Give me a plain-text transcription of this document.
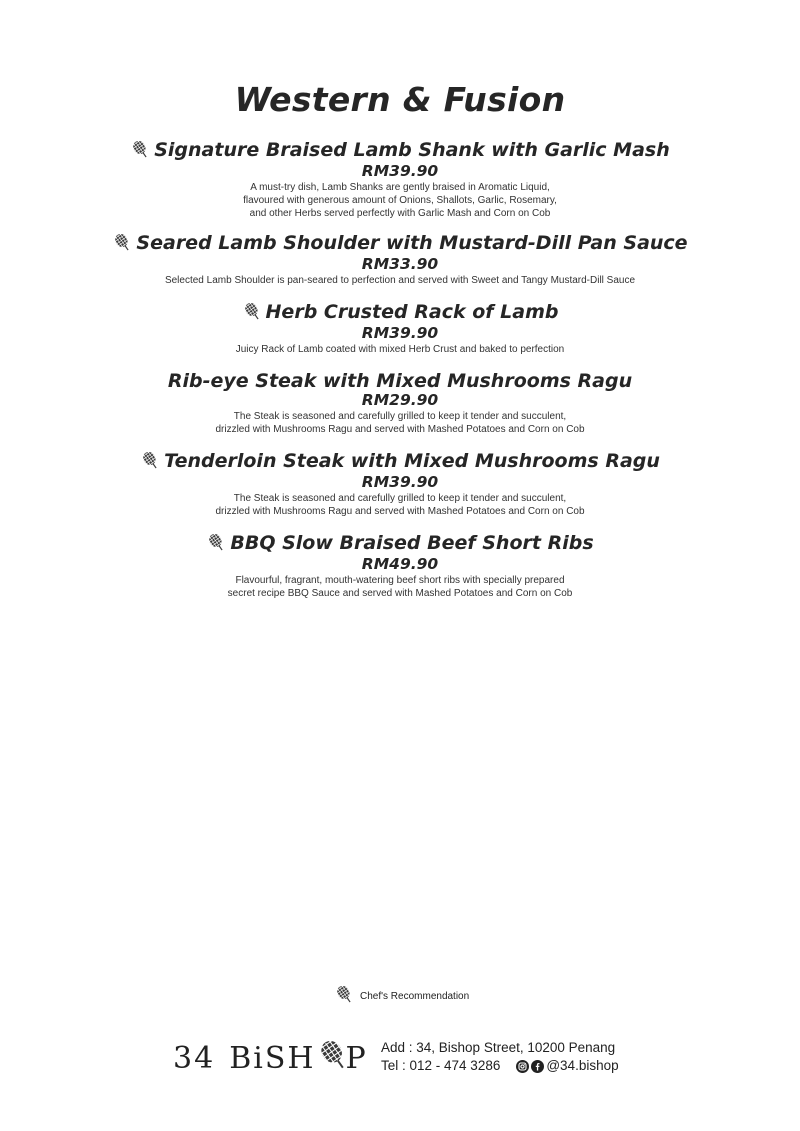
Western & Fusion
Signature Braised Lamb Shank with Garlic Mash
RM39.90
A must-try dish, Lamb Shanks are gently braised in Aromatic Liquid,
flavoured with generous amount of Onions, Shallots, Garlic, Rosemary,
and other Herbs served perfectly with Garlic Mash and Corn on Cob
Seared Lamb Shoulder with Mustard-Dill Pan Sauce
RM33.90
Selected Lamb Shoulder is pan-seared to perfection and served with Sweet and Tangy Mustard-Dill Sauce
Herb Crusted Rack of Lamb
RM39.90
Juicy Rack of Lamb coated with mixed Herb Crust and baked to perfection
Rib-eye Steak with Mixed Mushrooms Ragu
RM29.90
The Steak is seasoned and carefully grilled to keep it tender and succulent,
drizzled with Mushrooms Ragu and served with Mashed Potatoes and Corn on Cob
Tenderloin Steak with Mixed Mushrooms Ragu
RM39.90
The Steak is seasoned and carefully grilled to keep it tender and succulent,
drizzled with Mushrooms Ragu and served with Mashed Potatoes and Corn on Cob
BBQ Slow Braised Beef Short Ribs
RM49.90
Flavourful, fragrant, mouth-watering beef short ribs with specially prepared
secret recipe BBQ Sauce and served with Mashed Potatoes and Corn on Cob
Chef's Recommendation
34 BiSH P Add : 34, Bishop Street, 10200 Penang
Tel : 012 - 474 3286	@34.bishop
